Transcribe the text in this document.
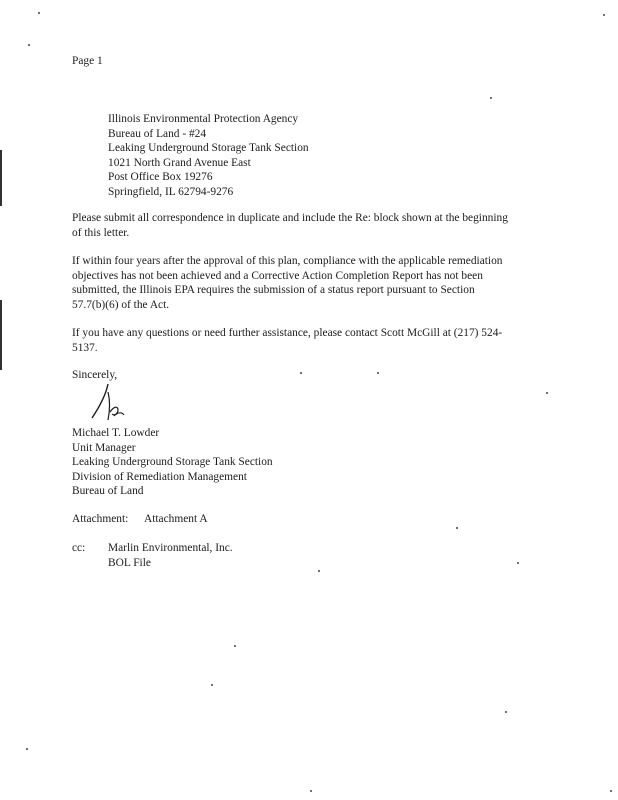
Page 1
Illinois Environmental Protection Agency
Bureau of Land - #24
Leaking Underground Storage Tank Section
1021 North Grand Avenue East
Post Office Box 19276
Springfield, IL 62794-9276
Please submit all correspondence in duplicate and include the Re: block shown at the beginning
of this letter.
If within four years after the approval of this plan, compliance with the applicable remediation
objectives has not been achieved and a Corrective Action Completion Report has not been
submitted, the Illinois EPA requires the submission of a status report pursuant to Section
57.7(b)(6) of the Act.
If you have any questions or need further assistance, please contact Scott McGill at (217) 524-
5137.
Sincerely,
Michael T. Lowder
Unit Manager
Leaking Underground Storage Tank Section
Division of Remediation Management
Bureau of Land
Attachment: Attachment A
cc: Marlin Environmental, Inc.
BOL File
